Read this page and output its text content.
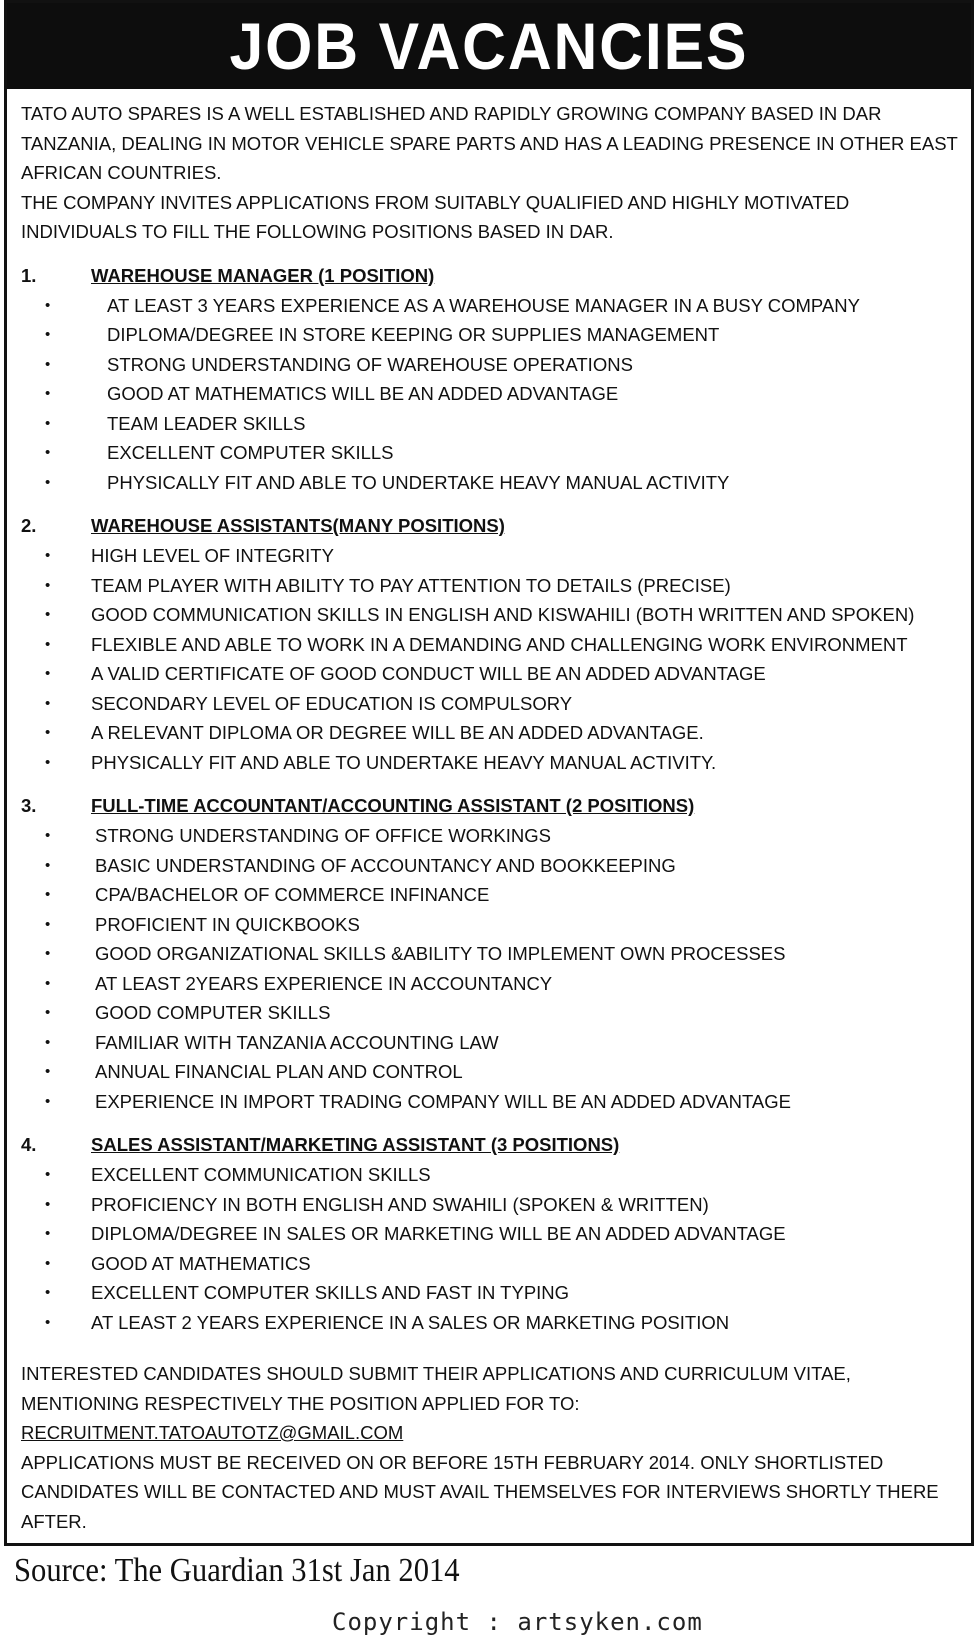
JOB VACANCIES

TATO AUTO SPARES IS A WELL ESTABLISHED AND RAPIDLY GROWING COMPANY BASED IN DAR TANZANIA, DEALING IN MOTOR VEHICLE SPARE PARTS AND HAS A LEADING PRESENCE IN OTHER EAST AFRICAN COUNTRIES.

THE COMPANY INVITES APPLICATIONS FROM SUITABLY QUALIFIED AND HIGHLY MOTIVATED INDIVIDUALS TO FILL THE FOLLOWING POSITIONS BASED IN DAR.

1.	WAREHOUSE MANAGER (1 POSITION)
• AT LEAST 3 YEARS EXPERIENCE AS A WAREHOUSE MANAGER IN A BUSY COMPANY
• DIPLOMA/DEGREE IN STORE KEEPING OR SUPPLIES MANAGEMENT
• STRONG UNDERSTANDING OF WAREHOUSE OPERATIONS
• GOOD AT MATHEMATICS WILL BE AN ADDED ADVANTAGE
• TEAM LEADER SKILLS
• EXCELLENT COMPUTER SKILLS
• PHYSICALLY FIT AND ABLE TO UNDERTAKE HEAVY MANUAL ACTIVITY
2.	WAREHOUSE ASSISTANTS(MANY POSITIONS)
• HIGH LEVEL OF INTEGRITY
• TEAM PLAYER WITH ABILITY TO PAY ATTENTION TO DETAILS (PRECISE)
• GOOD COMMUNICATION SKILLS IN ENGLISH AND KISWAHILI (BOTH WRITTEN AND SPOKEN)
• FLEXIBLE AND ABLE TO WORK IN A DEMANDING AND CHALLENGING WORK ENVIRONMENT
• A VALID CERTIFICATE OF GOOD CONDUCT WILL BE AN ADDED ADVANTAGE
• SECONDARY LEVEL OF EDUCATION IS COMPULSORY
• A RELEVANT DIPLOMA OR DEGREE WILL BE AN ADDED ADVANTAGE.
• PHYSICALLY FIT AND ABLE TO UNDERTAKE HEAVY MANUAL ACTIVITY.
3.	FULL-TIME ACCOUNTANT/ACCOUNTING ASSISTANT (2 POSITIONS)
• STRONG UNDERSTANDING OF OFFICE WORKINGS
• BASIC UNDERSTANDING OF ACCOUNTANCY AND BOOKKEEPING
• CPA/BACHELOR OF COMMERCE INFINANCE
• PROFICIENT IN QUICKBOOKS
• GOOD ORGANIZATIONAL SKILLS &ABILITY TO IMPLEMENT OWN PROCESSES
• AT LEAST 2YEARS EXPERIENCE IN ACCOUNTANCY
• GOOD COMPUTER SKILLS
• FAMILIAR WITH TANZANIA ACCOUNTING LAW
• ANNUAL FINANCIAL PLAN AND CONTROL
• EXPERIENCE IN IMPORT TRADING COMPANY WILL BE AN ADDED ADVANTAGE
4.	SALES ASSISTANT/MARKETING ASSISTANT (3 POSITIONS)
• EXCELLENT COMMUNICATION SKILLS
• PROFICIENCY IN BOTH ENGLISH AND SWAHILI (SPOKEN & WRITTEN)
• DIPLOMA/DEGREE IN SALES OR MARKETING WILL BE AN ADDED ADVANTAGE
• GOOD AT MATHEMATICS
• EXCELLENT COMPUTER SKILLS AND FAST IN TYPING
• AT LEAST 2 YEARS EXPERIENCE IN A SALES OR MARKETING POSITION

INTERESTED CANDIDATES SHOULD SUBMIT THEIR APPLICATIONS AND CURRICULUM VITAE, MENTIONING RESPECTIVELY THE POSITION APPLIED FOR TO:

RECRUITMENT.TATOAUTOTZ@GMAIL.COM

APPLICATIONS MUST BE RECEIVED ON OR BEFORE 15TH FEBRUARY 2014. ONLY SHORTLISTED CANDIDATES WILL BE CONTACTED AND MUST AVAIL THEMSELVES FOR INTERVIEWS SHORTLY THERE AFTER.

Source: The Guardian 31st Jan 2014
Copyright : artsyken.com
